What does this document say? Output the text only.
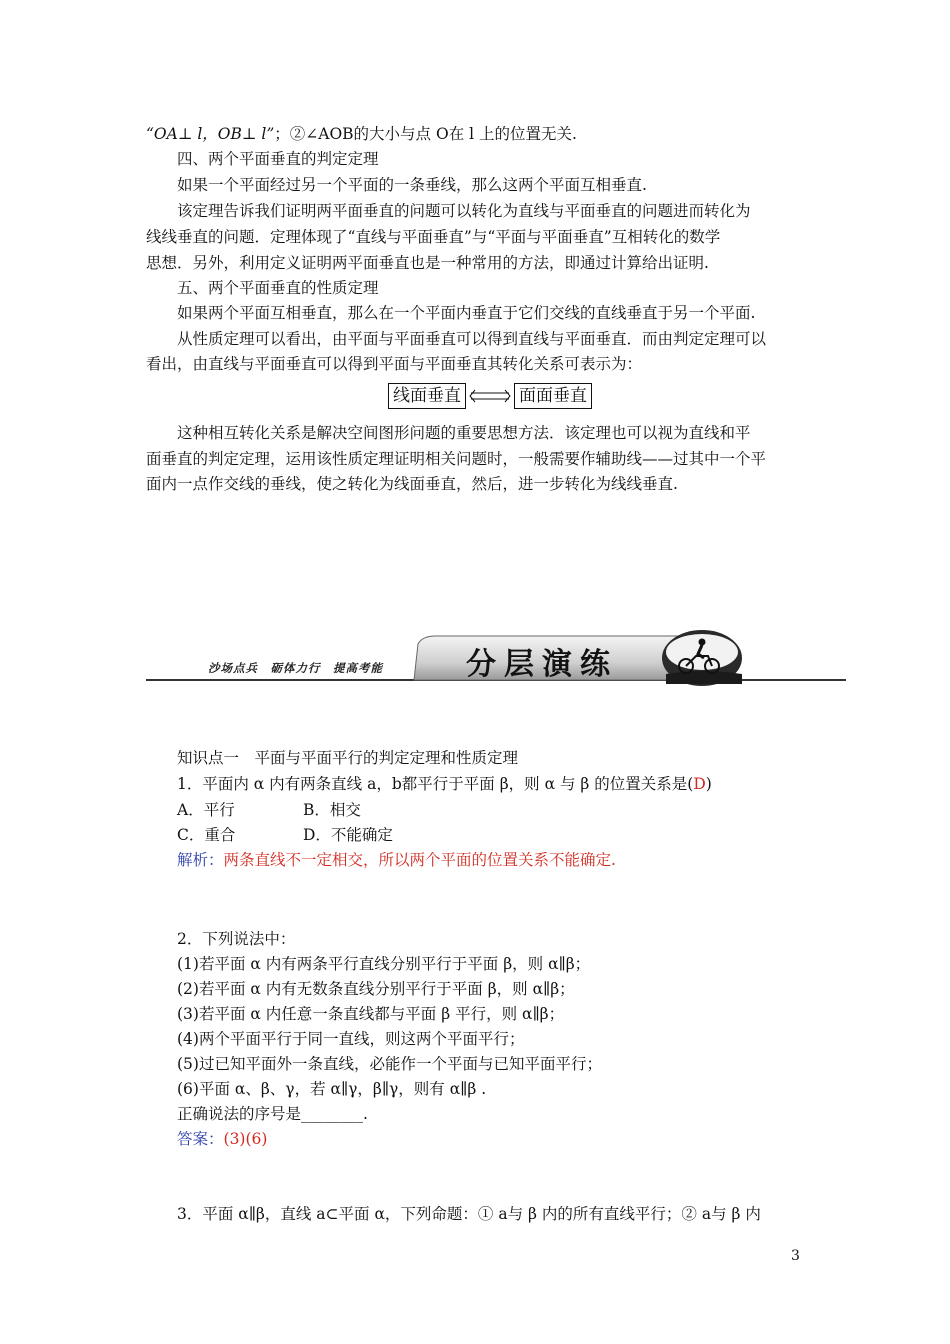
“OA⊥ l，OB⊥ l”；②∠AOB的大小与点 O在 l 上的位置无关.
四、两个平面垂直的判定定理
如果一个平面经过另一个平面的一条垂线，那么这两个平面互相垂直.
该定理告诉我们证明两平面垂直的问题可以转化为直线与平面垂直的问题进而转化为
线线垂直的问题．定理体现了“直线与平面垂直”与“平面与平面垂直”互相转化的数学
思想．另外，利用定义证明两平面垂直也是一种常用的方法，即通过计算给出证明.
五、两个平面垂直的性质定理
如果两个平面互相垂直，那么在一个平面内垂直于它们交线的直线垂直于另一个平面.
从性质定理可以看出，由平面与平面垂直可以得到直线与平面垂直．而由判定定理可以
看出，由直线与平面垂直可以得到平面与平面垂直其转化关系可表示为：
线面垂直	面面垂直
这种相互转化关系是解决空间图形问题的重要思想方法．该定理也可以视为直线和平
面垂直的判定定理，运用该性质定理证明相关问题时，一般需要作辅助线——过其中一个平
面内一点作交线的垂线，使之转化为线面垂直，然后，进一步转化为线线垂直.
沙场点兵　砺体力行　提高考能	分层演练
知识点一　平面与平面平行的判定定理和性质定理
1．平面内 α 内有两条直线 a，b都平行于平面 β，则 α 与 β 的位置关系是(D)
A．平行	B．相交
C．重合	D．不能确定
解析：两条直线不一定相交，所以两个平面的位置关系不能确定.
2．下列说法中：
(1)若平面 α 内有两条平行直线分别平行于平面 β，则 α∥β；
(2)若平面 α 内有无数条直线分别平行于平面 β，则 α∥β；
(3)若平面 α 内任意一条直线都与平面 β 平行，则 α∥β；
(4)两个平面平行于同一直线，则这两个平面平行；
(5)过已知平面外一条直线，必能作一个平面与已知平面平行；
(6)平面 α、β、γ，若 α∥γ，β∥γ，则有 α∥β .
正确说法的序号是________.
答案：(3)(6)
3．平面 α∥β，直线 a⊂平面 α，下列命题：① a与 β 内的所有直线平行；② a与 β 内
3
